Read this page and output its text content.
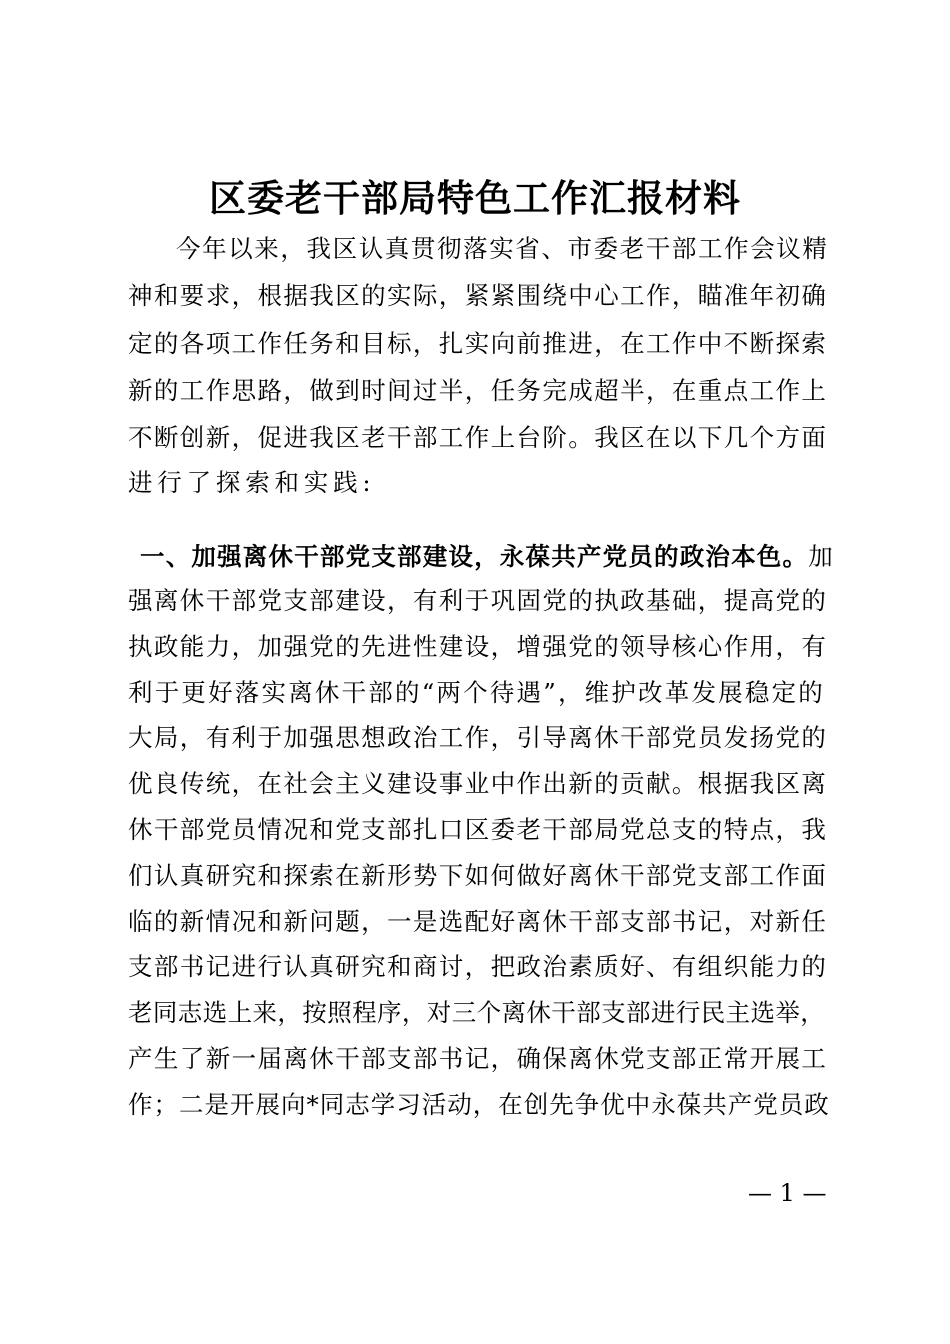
区委老干部局特色工作汇报材料
今年以来，我区认真贯彻落实省、市委老干部工作会议精
神和要求，根据我区的实际，紧紧围绕中心工作，瞄准年初确
定的各项工作任务和目标，扎实向前推进，在工作中不断探索
新的工作思路，做到时间过半，任务完成超半，在重点工作上
不断创新，促进我区老干部工作上台阶。我区在以下几个方面
进行了探索和实践:
一、加强离休干部党支部建设，永葆共产党员的政治本色。加
强离休干部党支部建设，有利于巩固党的执政基础，提高党的
执政能力，加强党的先进性建设，增强党的领导核心作用，有
利于更好落实离休干部的“两个待遇”，维护改革发展稳定的
大局，有利于加强思想政治工作，引导离休干部党员发扬党的
优良传统，在社会主义建设事业中作出新的贡献。根据我区离
休干部党员情况和党支部扎口区委老干部局党总支的特点，我
们认真研究和探索在新形势下如何做好离休干部党支部工作面
临的新情况和新问题，一是选配好离休干部支部书记，对新任
支部书记进行认真研究和商讨，把政治素质好、有组织能力的
老同志选上来，按照程序，对三个离休干部支部进行民主选举，
产生了新一届离休干部支部书记，确保离休党支部正常开展工
作；二是开展向*同志学习活动，在创先争优中永葆共产党员政
— 1 —
